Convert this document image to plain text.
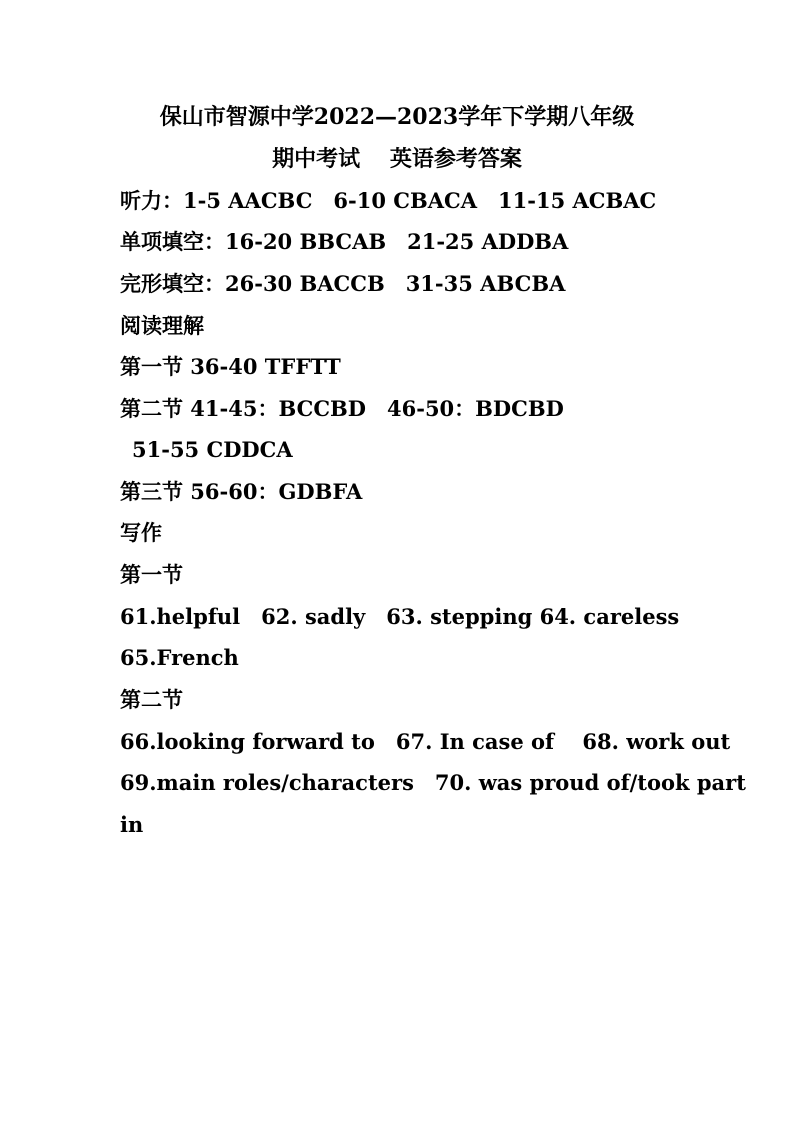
保山市智源中学2022—2023学年下学期八年级
期中考试　 英语参考答案
听力：1-5 AACBC　6-10 CBACA　11-15 ACBAC
单项填空：16-20 BBCAB　21-25 ADDBA
完形填空：26-30 BACCB　31-35 ABCBA
阅读理解
第一节 36-40 TFFTT
第二节 41-45：BCCBD　46-50：BDCBD
51-55 CDDCA
第三节 56-60：GDBFA
写作
第一节
61.helpful　62. sadly　63. stepping 64. careless
65.French
第二节
66.looking forward to　67. In case of　 68. work out
69.main roles/characters　70. was proud of/took part
in
